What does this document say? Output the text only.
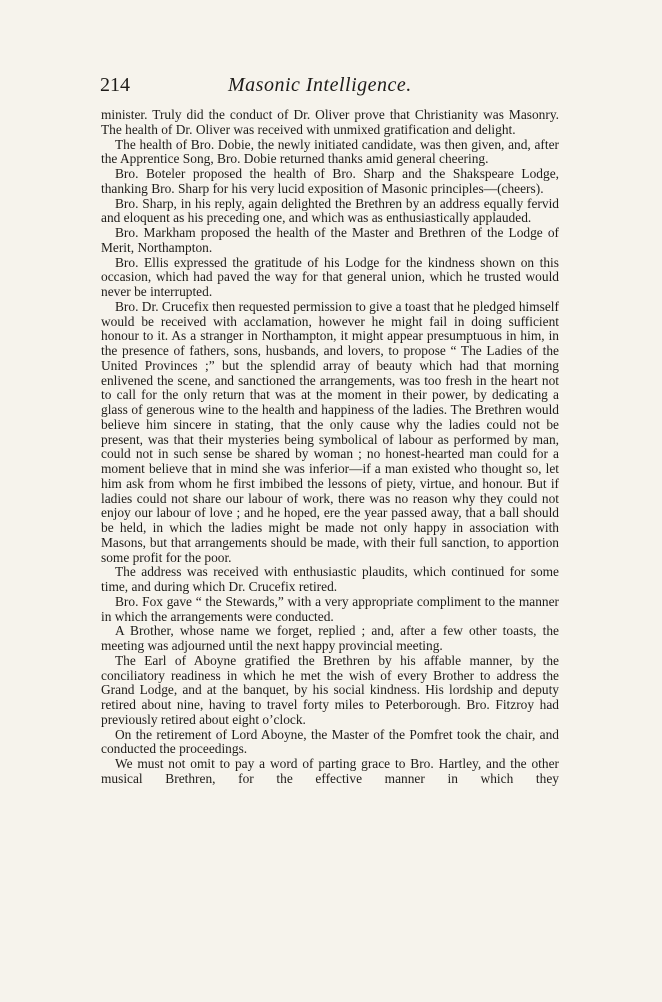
214	Masonic Intelligence.

minister. Truly did the conduct of Dr. Oliver prove that Christianity was Masonry. The health of Dr. Oliver was received with unmixed gratification and delight.

The health of Bro. Dobie, the newly initiated candidate, was then given, and, after the Apprentice Song, Bro. Dobie returned thanks amid general cheering.

Bro. Boteler proposed the health of Bro. Sharp and the Shakspeare Lodge, thanking Bro. Sharp for his very lucid exposition of Masonic principles—(cheers).

Bro. Sharp, in his reply, again delighted the Brethren by an address equally fervid and eloquent as his preceding one, and which was as enthusiastically applauded.

Bro. Markham proposed the health of the Master and Brethren of the Lodge of Merit, Northampton.

Bro. Ellis expressed the gratitude of his Lodge for the kindness shown on this occasion, which had paved the way for that general union, which he trusted would never be interrupted.

Bro. Dr. Crucefix then requested permission to give a toast that he pledged himself would be received with acclamation, however he might fail in doing sufficient honour to it. As a stranger in Northampton, it might appear presumptuous in him, in the presence of fathers, sons, husbands, and lovers, to propose “ The Ladies of the United Provinces ;” but the splendid array of beauty which had that morning enlivened the scene, and sanctioned the arrangements, was too fresh in the heart not to call for the only return that was at the moment in their power, by dedicating a glass of generous wine to the health and happiness of the ladies. The Brethren would believe him sincere in stating, that the only cause why the ladies could not be present, was that their mysteries being symbolical of labour as performed by man, could not in such sense be shared by woman ; no honest-hearted man could for a moment believe that in mind she was inferior—if a man existed who thought so, let him ask from whom he first imbibed the lessons of piety, virtue, and honour. But if ladies could not share our labour of work, there was no reason why they could not enjoy our labour of love ; and he hoped, ere the year passed away, that a ball should be held, in which the ladies might be made not only happy in association with Masons, but that arrangements should be made, with their full sanction, to apportion some profit for the poor.

The address was received with enthusiastic plaudits, which continued for some time, and during which Dr. Crucefix retired.

Bro. Fox gave “ the Stewards,” with a very appropriate compliment to the manner in which the arrangements were conducted.

A Brother, whose name we forget, replied ; and, after a few other toasts, the meeting was adjourned until the next happy provincial meeting.

The Earl of Aboyne gratified the Brethren by his affable manner, by the conciliatory readiness in which he met the wish of every Brother to address the Grand Lodge, and at the banquet, by his social kindness. His lordship and deputy retired about nine, having to travel forty miles to Peterborough. Bro. Fitzroy had previously retired about eight o’clock.

On the retirement of Lord Aboyne, the Master of the Pomfret took the chair, and conducted the proceedings.

We must not omit to pay a word of parting grace to Bro. Hartley, and the other musical Brethren, for the effective manner in which they
